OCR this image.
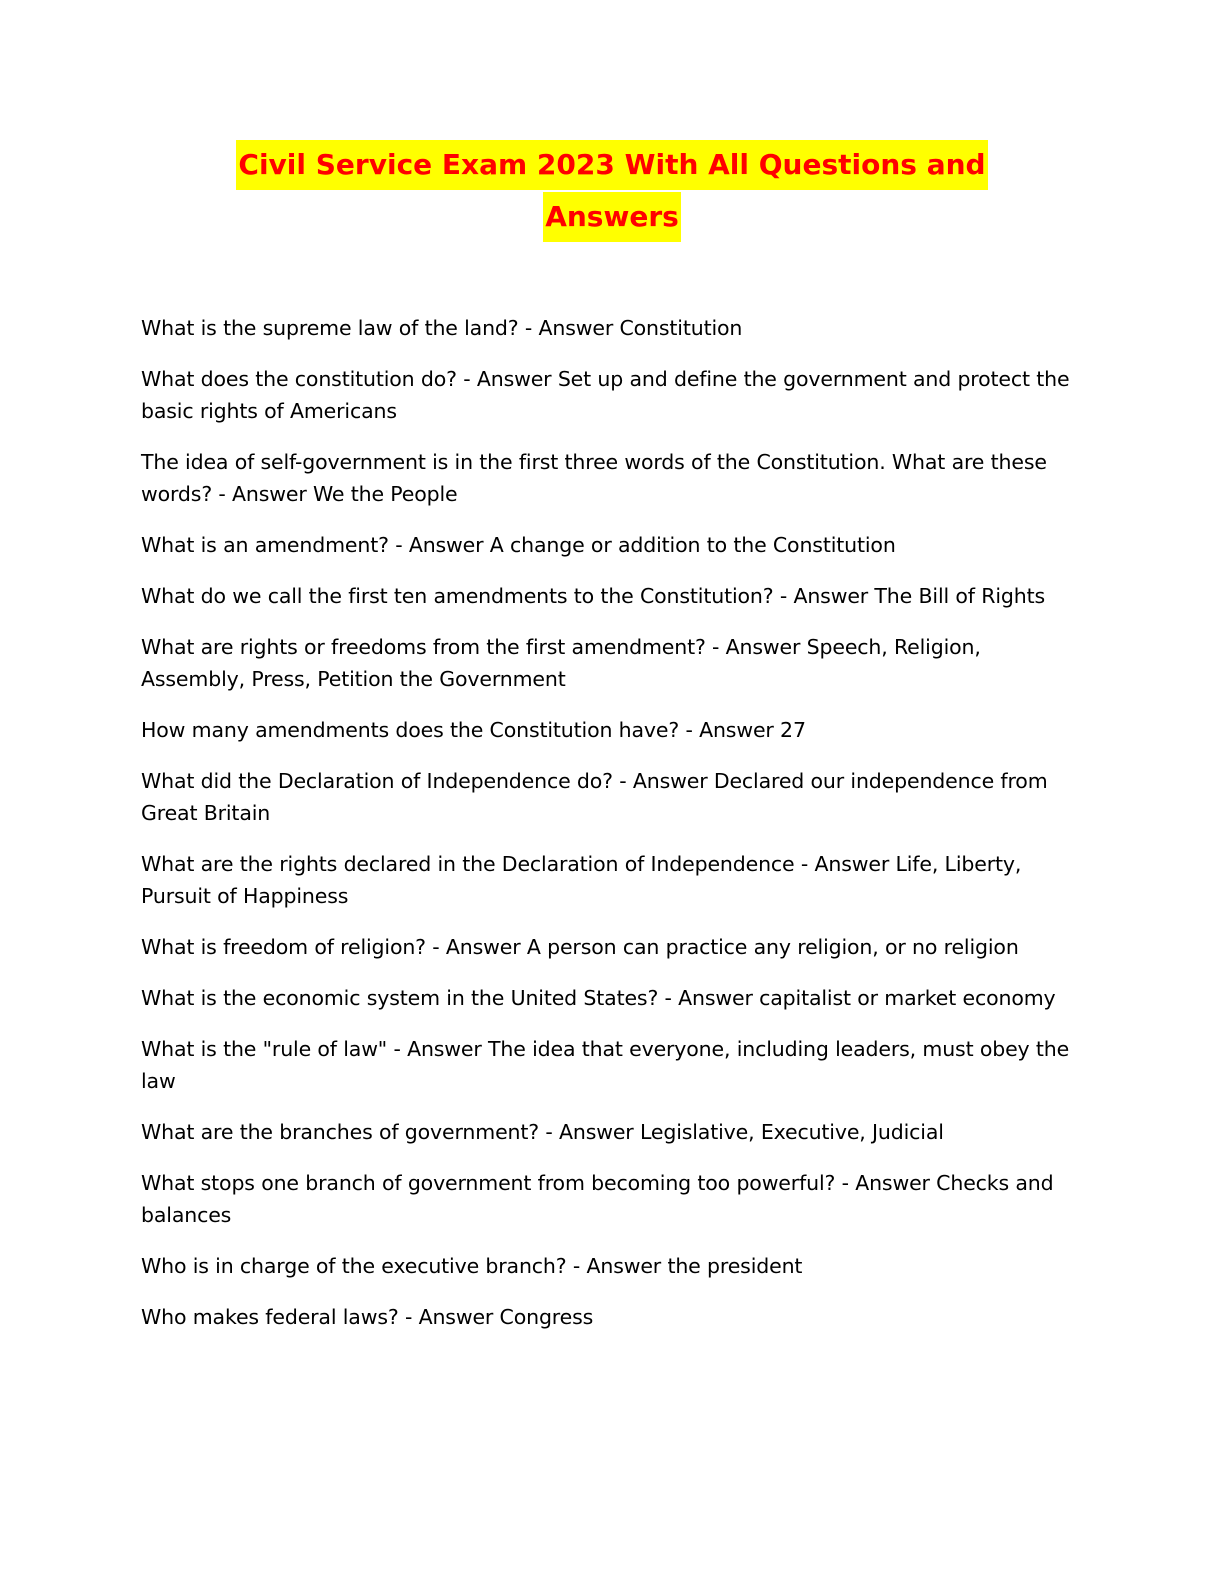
Civil Service Exam 2023 With All Questions and
Answers
What is the supreme law of the land? - Answer Constitution
What does the constitution do? - Answer Set up and define the government and protect the basic rights of Americans
The idea of self-government is in the first three words of the Constitution. What are these words? - Answer We the People
What is an amendment? - Answer A change or addition to the Constitution
What do we call the first ten amendments to the Constitution? - Answer The Bill of Rights
What are rights or freedoms from the first amendment? - Answer Speech, Religion, Assembly, Press, Petition the Government
How many amendments does the Constitution have? - Answer 27
What did the Declaration of Independence do? - Answer Declared our independence from Great Britain
What are the rights declared in the Declaration of Independence - Answer Life, Liberty, Pursuit of Happiness
What is freedom of religion? - Answer A person can practice any religion, or no religion
What is the economic system in the United States? - Answer capitalist or market economy
What is the "rule of law" - Answer The idea that everyone, including leaders, must obey the law
What are the branches of government? - Answer Legislative, Executive, Judicial
What stops one branch of government from becoming too powerful? - Answer Checks and balances
Who is in charge of the executive branch? - Answer the president
Who makes federal laws? - Answer Congress
